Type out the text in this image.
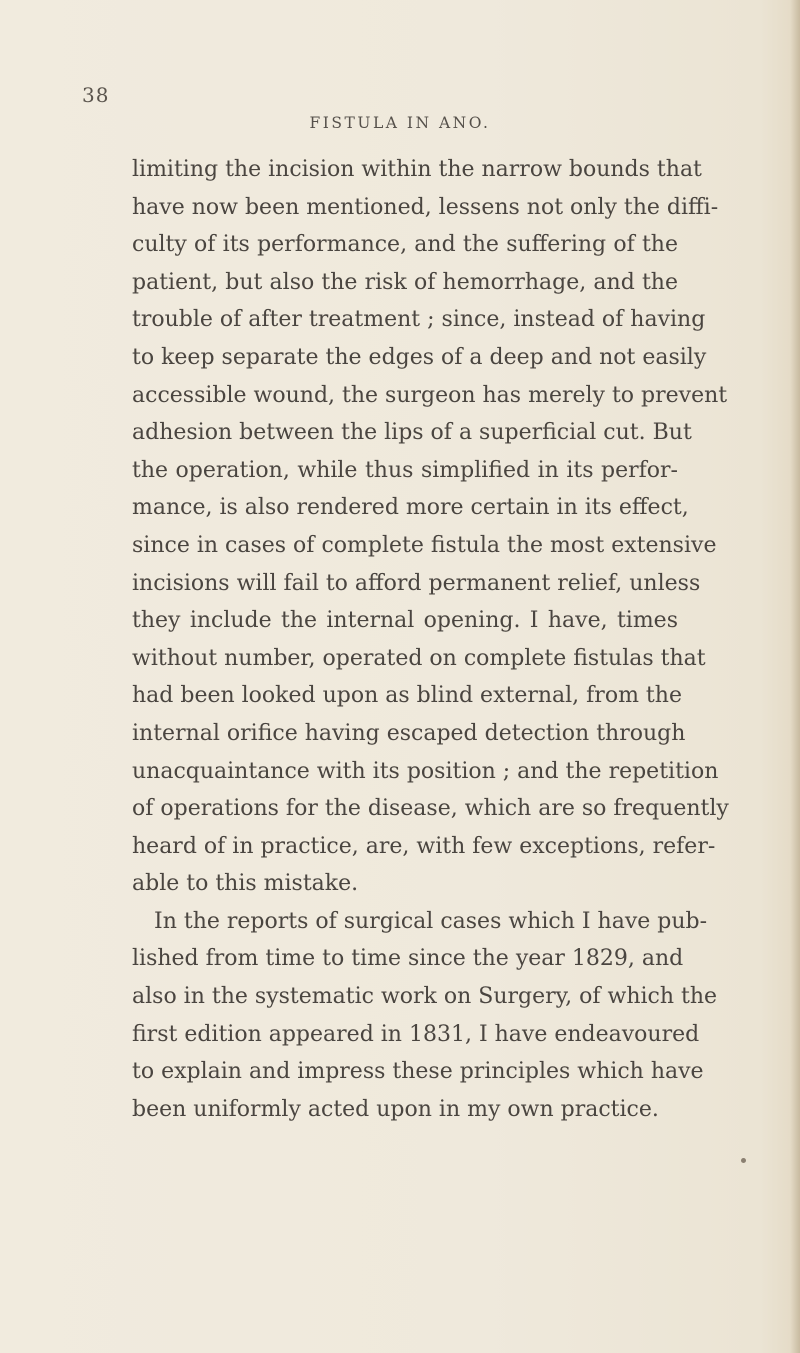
38
FISTULA IN ANO.
limiting the incision within the narrow bounds that
have now been mentioned, lessens not only the diffi-
culty of its performance, and the suffering of the
patient, but also the risk of hemorrhage, and the
trouble of after treatment ; since, instead of having
to keep separate the edges of a deep and not easily
accessible wound, the surgeon has merely to prevent
adhesion between the lips of a superficial cut. But
the operation, while thus simplified in its perfor-
mance, is also rendered more certain in its effect,
since in cases of complete fistula the most extensive
incisions will fail to afford permanent relief, unless
they include the internal opening. I have, times
without number, operated on complete fistulas that
had been looked upon as blind external, from the
internal orifice having escaped detection through
unacquaintance with its position ; and the repetition
of operations for the disease, which are so frequently
heard of in practice, are, with few exceptions, refer-
able to this mistake.
In the reports of surgical cases which I have pub-
lished from time to time since the year 1829, and
also in the systematic work on Surgery, of which the
first edition appeared in 1831, I have endeavoured
to explain and impress these principles which have
been uniformly acted upon in my own practice.
